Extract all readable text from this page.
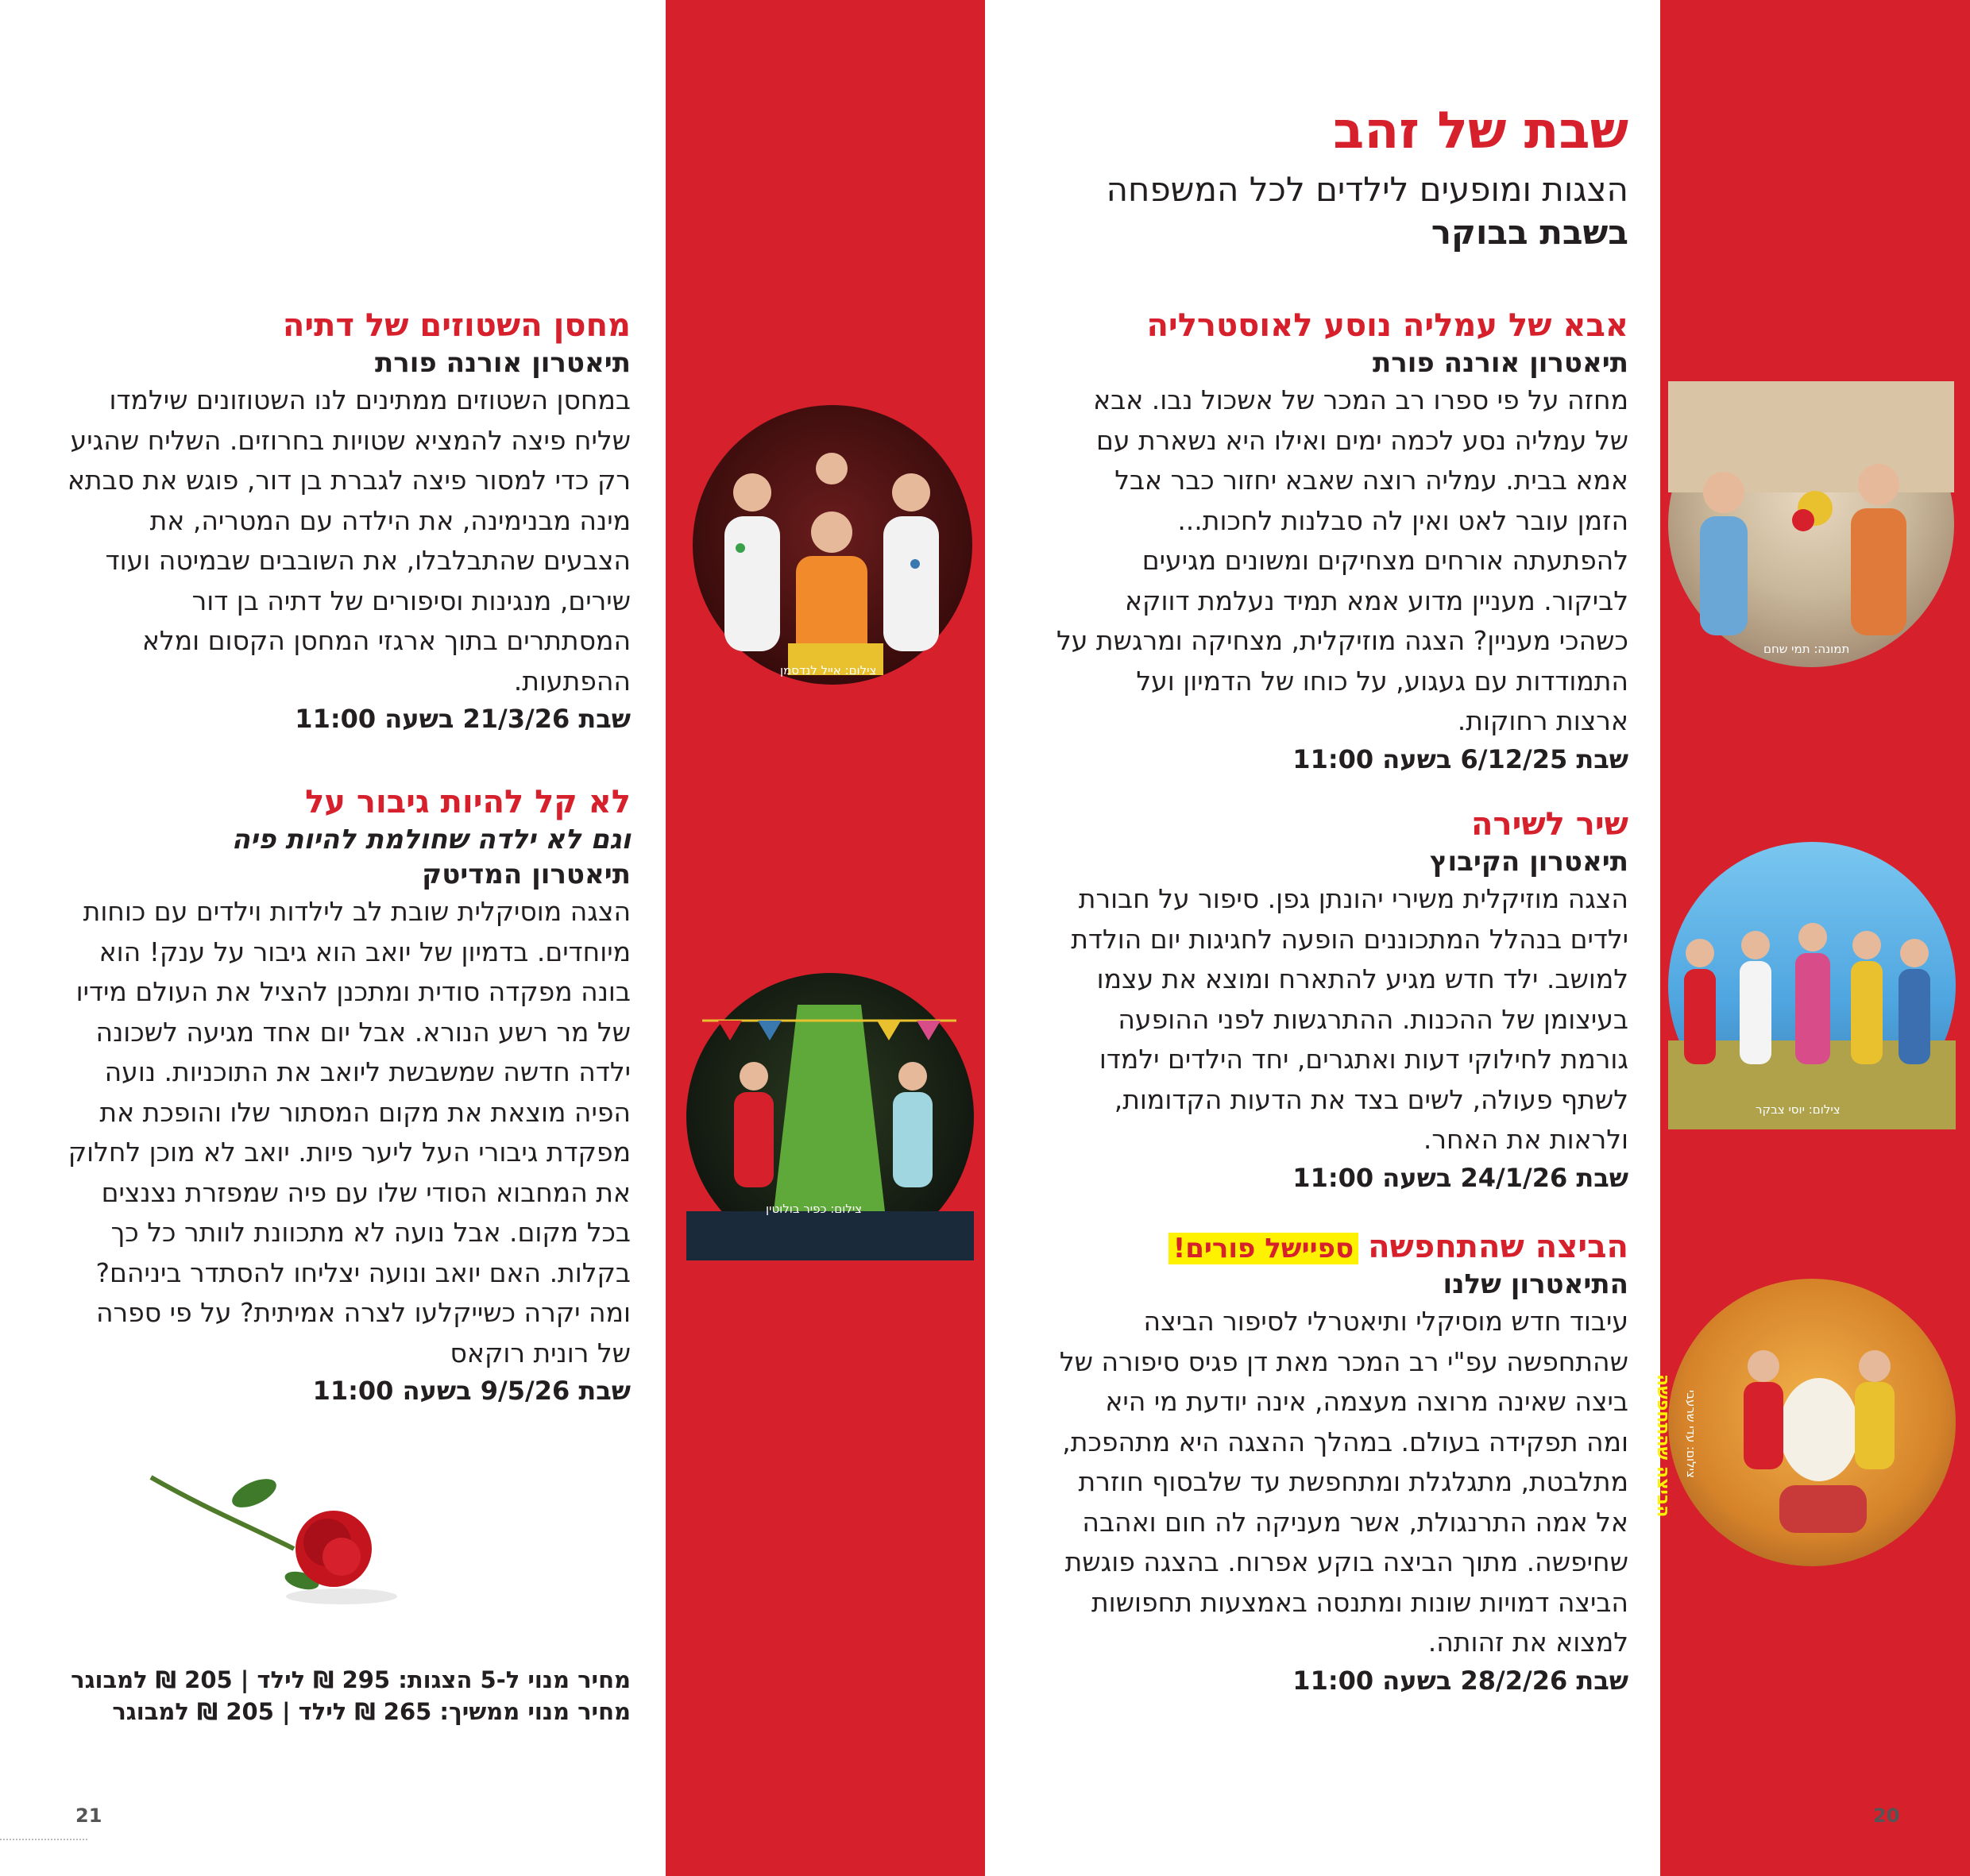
שבת של זהב

הצגות ומופעים לילדים לכל המשפחה

בשבת בבוקר

אבא של עמליה נוסע לאוסטרליה

תיאטרון אורנה פורת

מחזה על פי ספרו רב המכר של אשכול נבו. אבא של עמליה נסע לכמה ימים ואילו היא נשארת עם אמא בבית. עמליה רוצה שאבא יחזור כבר אבל הזמן עובר לאט ואין לה סבלנות לחכות... להפתעתה אורחים מצחיקים ומשונים מגיעים לביקור. מעניין מדוע אמא תמיד נעלמת דווקא כשהכי מעניין? הצגה מוזיקלית, מצחיקה ומרגשת על התמודדות עם געגוע, על כוחו של הדמיון ועל ארצות רחוקות.

שבת 6/12/25 בשעה 11:00

שיר לשירה

תיאטרון הקיבוץ

הצגה מוזיקלית משירי יהונתן גפן. סיפור על חבורת ילדים בנהלל המתכוננים הופעה לחגיגות יום הולדת למושב. ילד חדש מגיע להתארח ומוצא את עצמו בעיצומן של ההכנות. ההתרגשות לפני ההופעה גורמת לחילוקי דעות ואתגרים, יחד הילדים ילמדו לשתף פעולה, לשים בצד את הדעות הקדומות, ולראות את האחר.

שבת 24/1/26 בשעה 11:00

הביצה שהתחפשהספיישל פורים!

התיאטרון שלנו

עיבוד חדש מוסיקלי ותיאטרלי לסיפור הביצה שהתחפשה עפ"י רב המכר מאת דן פגיס סיפורה של ביצה שאינה מרוצה מעצמה, אינה יודעת מי היא ומה תפקידה בעולם. במהלך ההצגה היא מתהפכת, מתלבטת, מתגלגלת ומתחפשת עד שלבסוף חוזרת אל אמה התרנגולת, אשר מעניקה לה חום ואהבה שחיפשה. מתוך הביצה בוקע אפרוח. בהצגה פוגשת הביצה דמויות שונות ומתנסה באמצעות תחפושות למצוא את זהותה.

שבת 28/2/26 בשעה 11:00

תמונה: תמי שחם
צילום: יוסי צבקר
הביצה שהתחפשה צילום: עדי שרעבי
20

מחסן השטוזים של דתיה

תיאטרון אורנה פורת

במחסן השטוזים ממתינים לנו השטוזונים שילמדו שליח פיצה להמציא שטויות בחרוזים. השליח שהגיע רק כדי למסור פיצה לגברת בן דור, פוגש את סבתא מינה מבנימינה, את הילדה עם המטריה, את הצבעים שהתבלבלו, את השובבים שבמיטה ועוד שירים, מנגינות וסיפורים של דתיה בן דור המסתתרים בתוך ארגזי המחסן הקסום ומלא ההפתעות.

שבת 21/3/26 בשעה 11:00

לא קל להיות גיבור על

וגם לא ילדה שחולמת להיות פיה

תיאטרון המדיטק

הצגה מוסיקלית שובת לב לילדות וילדים עם כוחות מיוחדים. בדמיון של יואב הוא גיבור על ענק! הוא בונה מפקדה סודית ומתכנן להציל את העולם מידיו של מר רשע הנורא. אבל יום אחד מגיעה לשכונה ילדה חדשה שמשבשת ליואב את התוכניות. נועה הפיה מוצאת את מקום המסתור שלו והופכת את מפקדת גיבורי העל ליער פיות. יואב לא מוכן לחלוק את המחבוא הסודי שלו עם פיה שמפזרת נצנצים בכל מקום. אבל נועה לא מתכוונת לוותר כל כך בקלות. האם יואב ונועה יצליחו להסתדר ביניהם? ומה יקרה כשייקלעו לצרה אמיתית? על פי ספרה של רונית רוקאס

שבת 9/5/26 בשעה 11:00

צילום: אייל לנדסמן
צילום: כפיר בולוטין

מחיר מנוי ל-5 הצגות: 295 ₪ לילד | 205 ₪ למבוגר

מחיר מנוי ממשיך: 265 ₪ לילד | 205 ₪ למבוגר

21
